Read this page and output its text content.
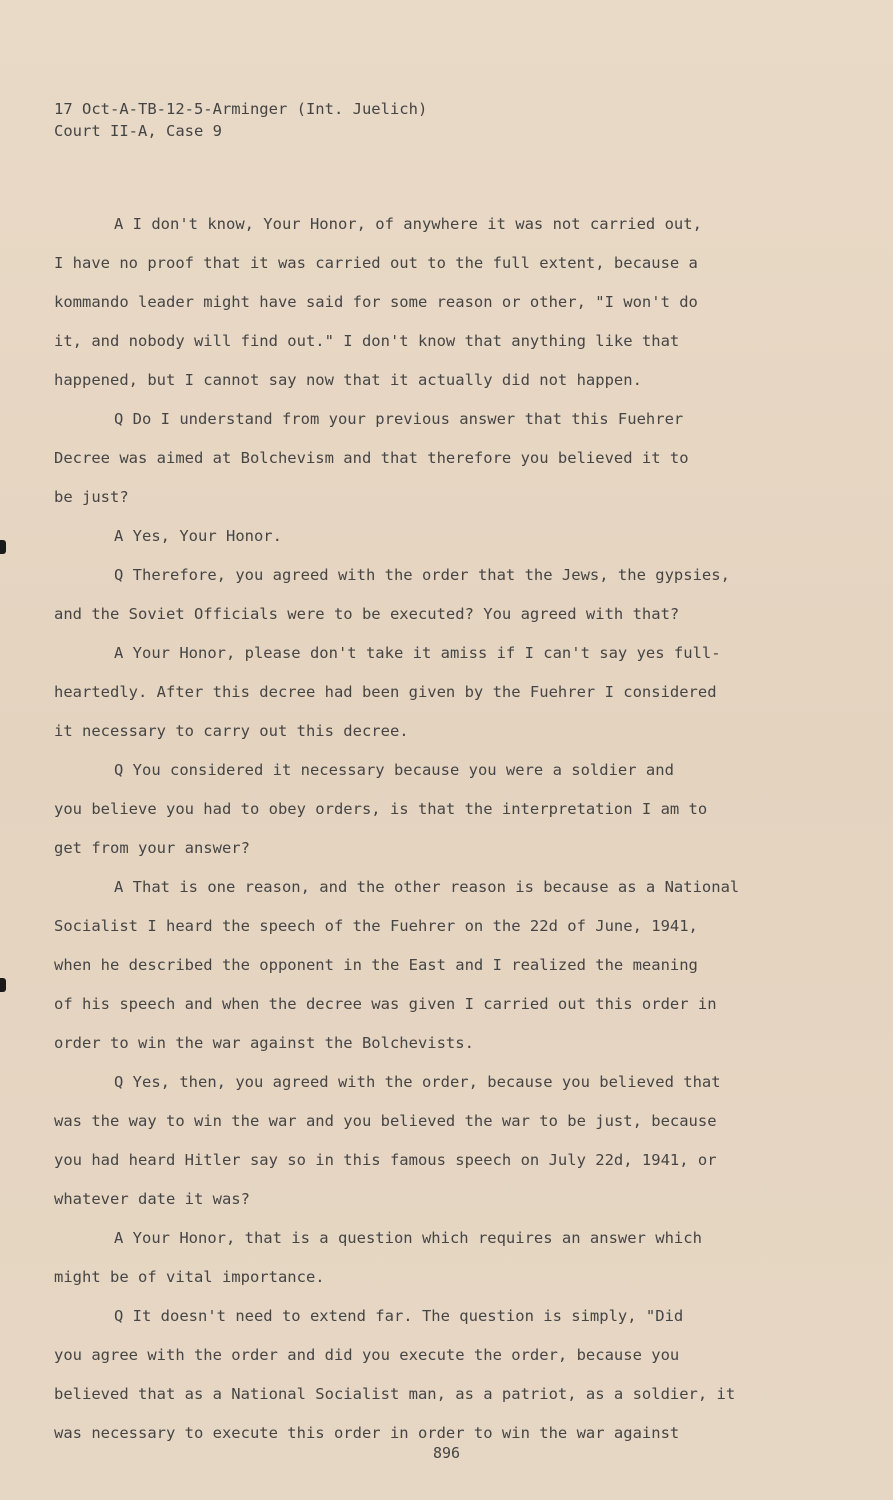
17 Oct-A-TB-12-5-Arminger (Int. Juelich)
Court II-A, Case 9
A I don't know, Your Honor, of anywhere it was not carried out,
I have no proof that it was carried out to the full extent, because a
kommando leader might have said for some reason or other, "I won't do
it, and nobody will find out." I don't know that anything like that
happened, but I cannot say now that it actually did not happen.
Q Do I understand from your previous answer that this Fuehrer
Decree was aimed at Bolchevism and that therefore you believed it to
be just?
A Yes, Your Honor.
Q Therefore, you agreed with the order that the Jews, the gypsies,
and the Soviet Officials were to be executed? You agreed with that?
A Your Honor, please don't take it amiss if I can't say yes full-
heartedly. After this decree had been given by the Fuehrer I considered
it necessary to carry out this decree.
Q You considered it necessary because you were a soldier and
you believe you had to obey orders, is that the interpretation I am to
get from your answer?
A That is one reason, and the other reason is because as a National
Socialist I heard the speech of the Fuehrer on the 22d of June, 1941,
when he described the opponent in the East and I realized the meaning
of his speech and when the decree was given I carried out this order in
order to win the war against the Bolchevists.
Q Yes, then, you agreed with the order, because you believed that
was the way to win the war and you believed the war to be just, because
you had heard Hitler say so in this famous speech on July 22d, 1941, or
whatever date it was?
A Your Honor, that is a question which requires an answer which
might be of vital importance.
Q It doesn't need to extend far. The question is simply, "Did
you agree with the order and did you execute the order, because you
believed that as a National Socialist man, as a patriot, as a soldier, it
was necessary to execute this order in order to win the war against
896
